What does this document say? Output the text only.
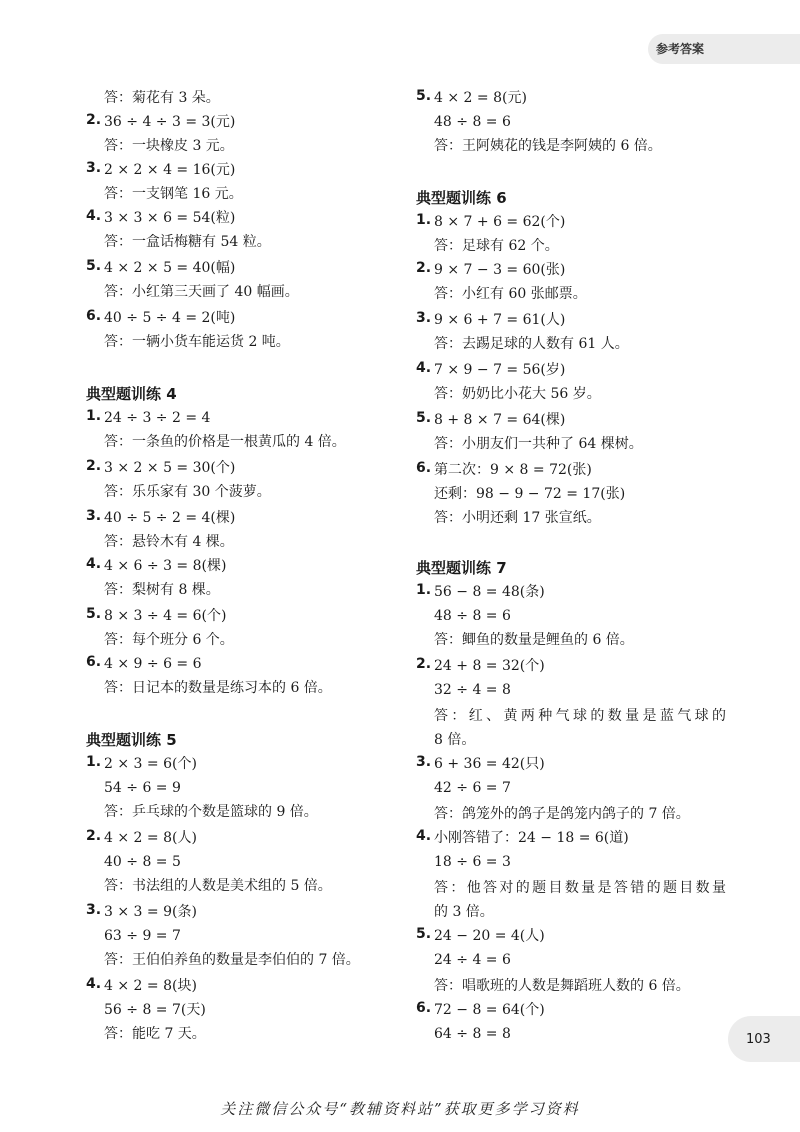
参考答案
答：菊花有 3 朵。
2. 36 ÷ 4 ÷ 3 = 3(元)
答：一块橡皮 3 元。
3. 2 × 2 × 4 = 16(元)
答：一支钢笔 16 元。
4. 3 × 3 × 6 = 54(粒)
答：一盒话梅糖有 54 粒。
5. 4 × 2 × 5 = 40(幅)
答：小红第三天画了 40 幅画。
6. 40 ÷ 5 ÷ 4 = 2(吨)
答：一辆小货车能运货 2 吨。
典型题训练 4
1. 24 ÷ 3 ÷ 2 = 4
答：一条鱼的价格是一根黄瓜的 4 倍。
2. 3 × 2 × 5 = 30(个)
答：乐乐家有 30 个菠萝。
3. 40 ÷ 5 ÷ 2 = 4(棵)
答：悬铃木有 4 棵。
4. 4 × 6 ÷ 3 = 8(棵)
答：梨树有 8 棵。
5. 8 × 3 ÷ 4 = 6(个)
答：每个班分 6 个。
6. 4 × 9 ÷ 6 = 6
答：日记本的数量是练习本的 6 倍。
典型题训练 5
1. 2 × 3 = 6(个)
54 ÷ 6 = 9
答：乒乓球的个数是篮球的 9 倍。
2. 4 × 2 = 8(人)
40 ÷ 8 = 5
答：书法组的人数是美术组的 5 倍。
3. 3 × 3 = 9(条)
63 ÷ 9 = 7
答：王伯伯养鱼的数量是李伯伯的 7 倍。
4. 4 × 2 = 8(块)
56 ÷ 8 = 7(天)
答：能吃 7 天。
5. 4 × 2 = 8(元)
48 ÷ 8 = 6
答：王阿姨花的钱是李阿姨的 6 倍。
典型题训练 6
1. 8 × 7 + 6 = 62(个)
答：足球有 62 个。
2. 9 × 7 − 3 = 60(张)
答：小红有 60 张邮票。
3. 9 × 6 + 7 = 61(人)
答：去踢足球的人数有 61 人。
4. 7 × 9 − 7 = 56(岁)
答：奶奶比小花大 56 岁。
5. 8 + 8 × 7 = 64(棵)
答：小朋友们一共种了 64 棵树。
6. 第二次：9 × 8 = 72(张)
还剩：98 − 9 − 72 = 17(张)
答：小明还剩 17 张宣纸。
典型题训练 7
1. 56 − 8 = 48(条)
48 ÷ 8 = 6
答：鲫鱼的数量是鲤鱼的 6 倍。
2. 24 + 8 = 32(个)
32 ÷ 4 = 8
答：红、黄两种气球的数量是蓝气球的
8 倍。
3. 6 + 36 = 42(只)
42 ÷ 6 = 7
答：鸽笼外的鸽子是鸽笼内鸽子的 7 倍。
4. 小刚答错了：24 − 18 = 6(道)
18 ÷ 6 = 3
答：他答对的题目数量是答错的题目数量
的 3 倍。
5. 24 − 20 = 4(人)
24 ÷ 4 = 6
答：唱歌班的人数是舞蹈班人数的 6 倍。
6. 72 − 8 = 64(个)
64 ÷ 8 = 8	103
关注微信公众号“教辅资料站”获取更多学习资料
